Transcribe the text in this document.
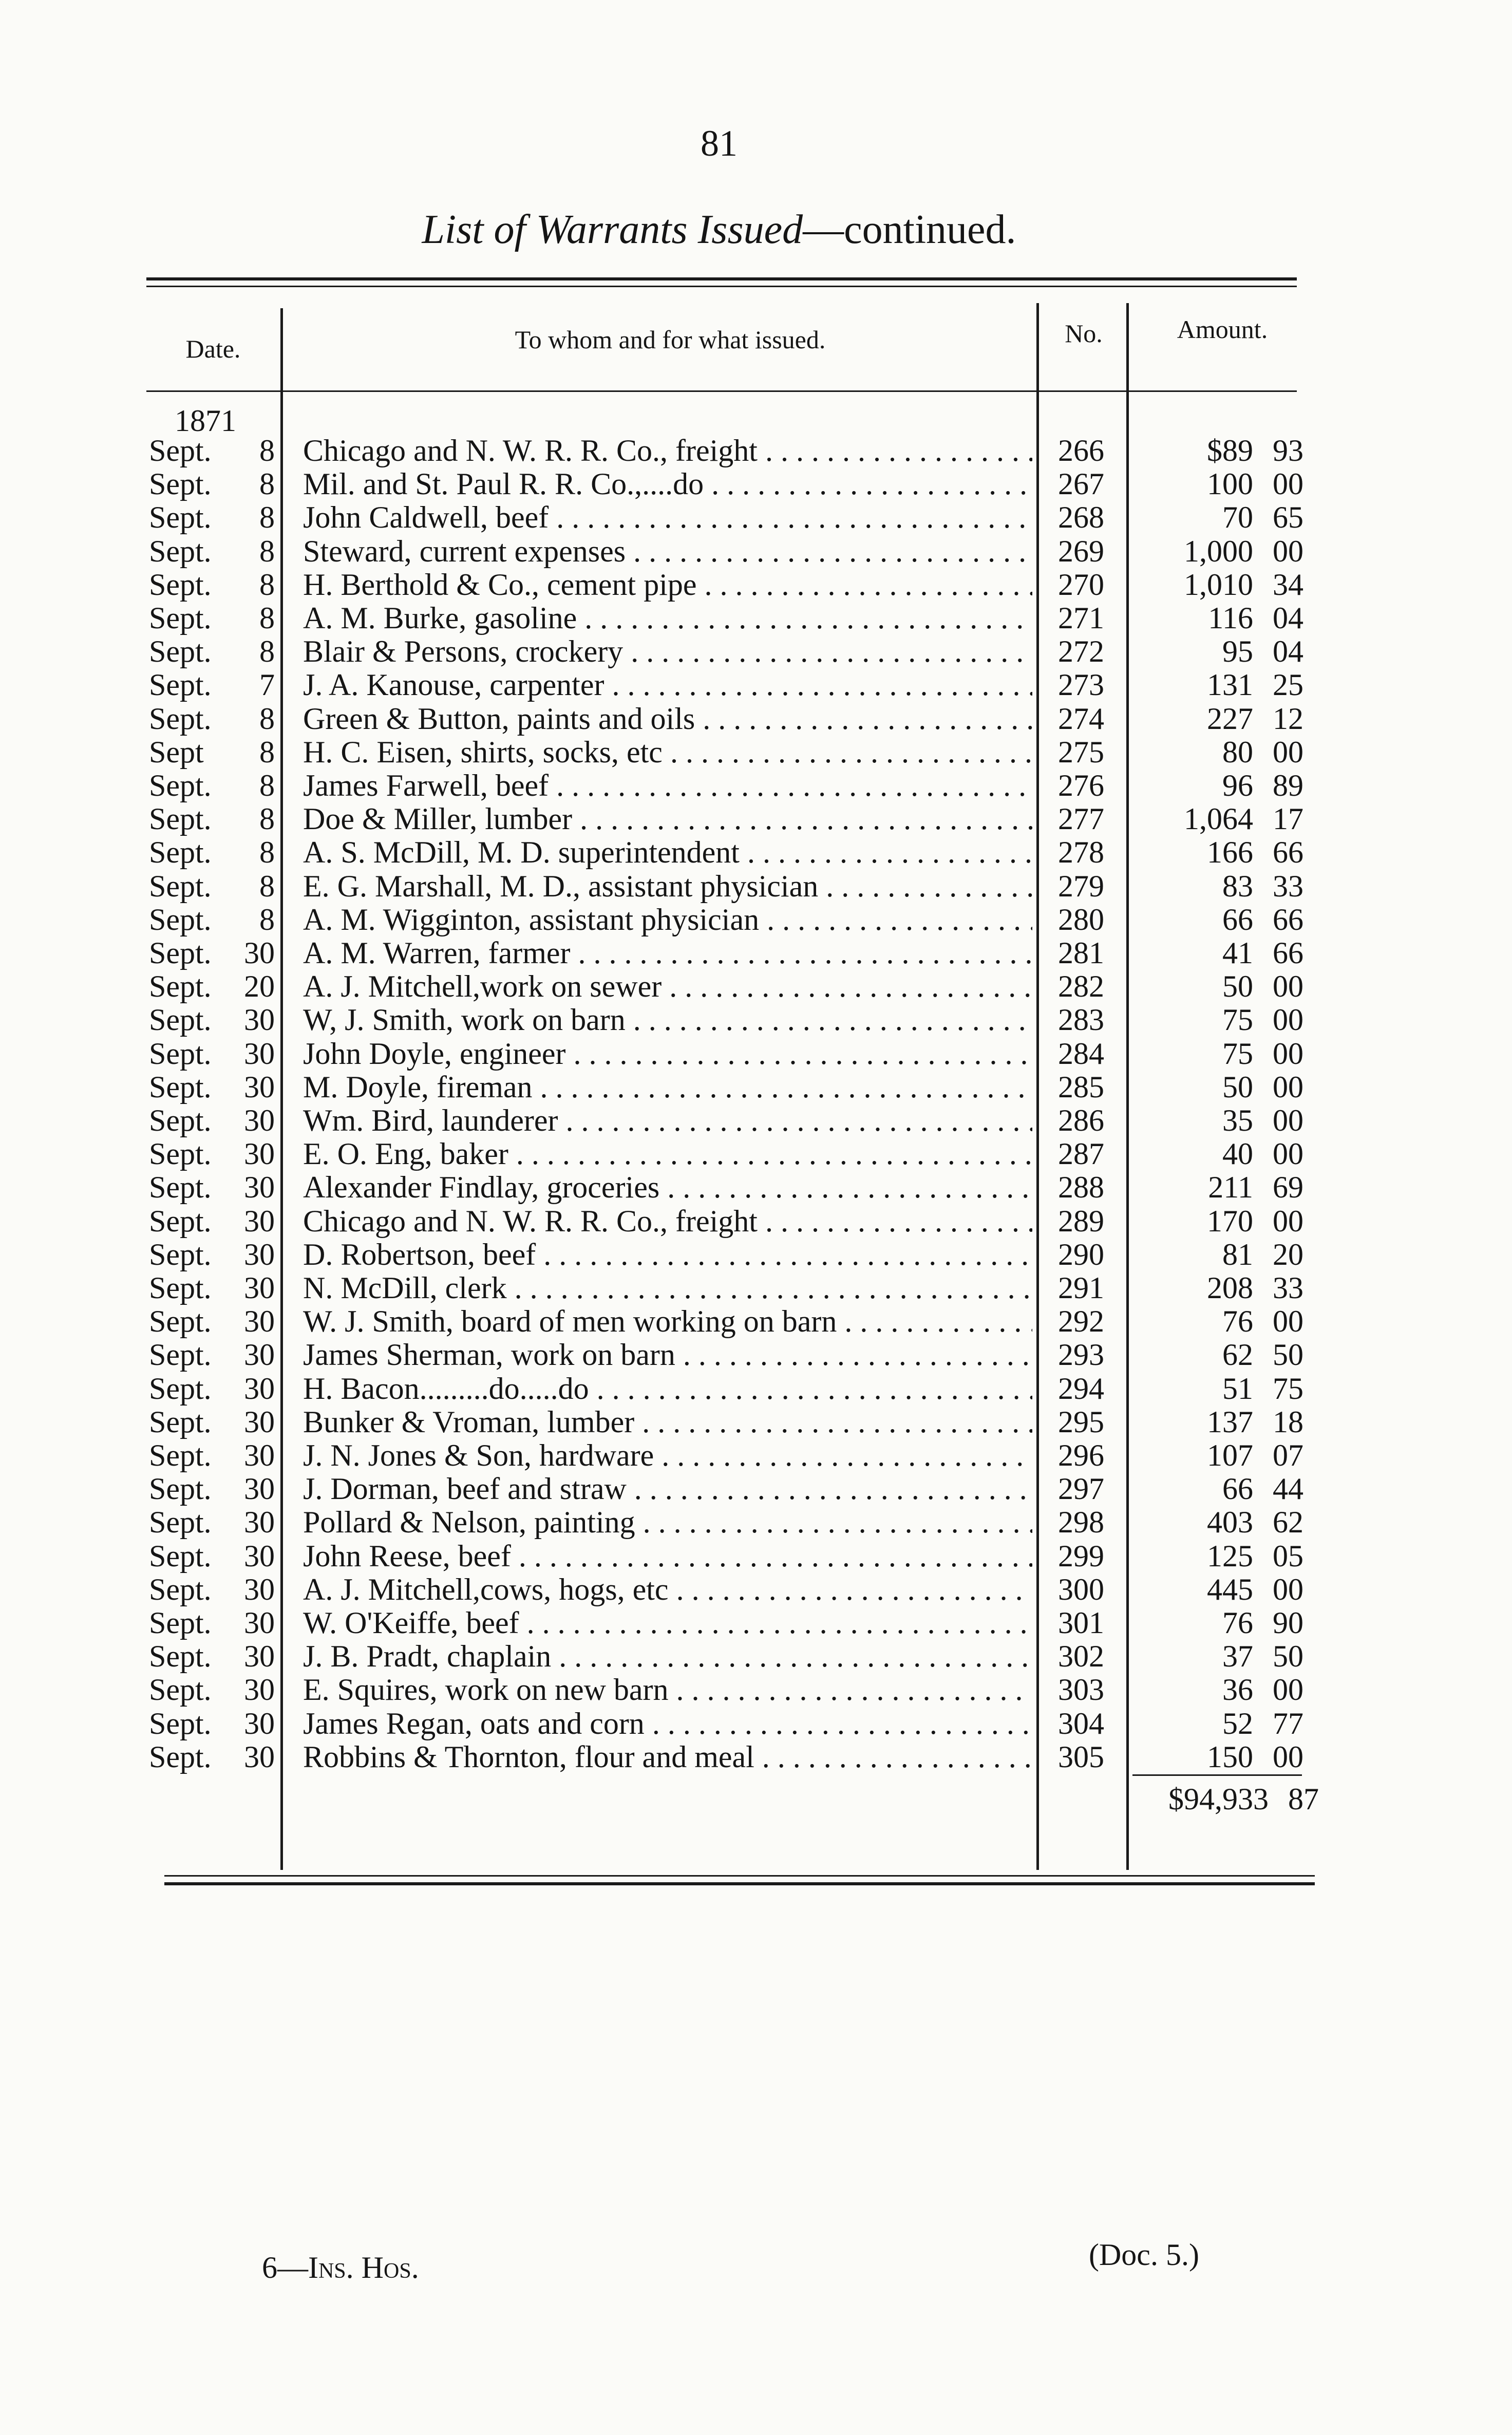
81
List of Warrants Issued—continued.
Date.	To whom and for what issued.	No.	Amount.
1871
Sept. 8 Chicago and N. W. R. R. Co., freight . . .	266	$89 93
Sept. 8 Mil. and St. Paul R. R. Co.,....do . . .	267	100 00
Sept. 8 John Caldwell, beef . . .	268	70 65
Sept. 8 Steward, current expenses . . .	269	1,000 00
Sept. 8 H. Berthold & Co., cement pipe . . .	270	1,010 34
Sept. 8 A. M. Burke, gasoline . . .	271	116 04
Sept. 8 Blair & Persons, crockery . . .	272	95 04
Sept. 7 J. A. Kanouse, carpenter . . .	273	131 25
Sept. 8 Green & Button, paints and oils . . .	274	227 12
Sept 8 H. C. Eisen, shirts, socks, etc . . .	275	80 00
Sept. 8 James Farwell, beef . . .	276	96 89
Sept. 8 Doe & Miller, lumber . . .	277	1,064 17
Sept. 8 A. S. McDill, M. D. superintendent . . .	278	166 66
Sept. 8 E. G. Marshall, M. D., assistant physician . . .	279	83 33
Sept. 8 A. M. Wigginton, assistant physician . . .	280	66 66
Sept. 30 A. M. Warren, farmer . . .	281	41 66
Sept. 20 A. J. Mitchell,work on sewer . . .	282	50 00
Sept. 30 W, J. Smith, work on barn . . .	283	75 00
Sept. 30 John Doyle, engineer . . .	284	75 00
Sept. 30 M. Doyle, fireman . . .	285	50 00
Sept. 30 Wm. Bird, launderer . . .	286	35 00
Sept. 30 E. O. Eng, baker . . .	287	40 00
Sept. 30 Alexander Findlay, groceries . . .	288	211 69
Sept. 30 Chicago and N. W. R. R. Co., freight . . .	289	170 00
Sept. 30 D. Robertson, beef . . .	290	81 20
Sept. 30 N. McDill, clerk . . .	291	208 33
Sept. 30 W. J. Smith, board of men working on barn . . .	292	76 00
Sept. 30 James Sherman, work on barn . . .	293	62 50
Sept. 30 H. Bacon.........do.....do . . .	294	51 75
Sept. 30 Bunker & Vroman, lumber . . .	295	137 18
Sept. 30 J. N. Jones & Son, hardware . . .	296	107 07
Sept. 30 J. Dorman, beef and straw . . .	297	66 44
Sept. 30 Pollard & Nelson, painting . . .	298	403 62
Sept. 30 John Reese, beef . . .	299	125 05
Sept. 30 A. J. Mitchell,cows, hogs, etc . . .	300	445 00
Sept. 30 W. O'Keiffe, beef . . .	301	76 90
Sept. 30 J. B. Pradt, chaplain . . .	302	37 50
Sept. 30 E. Squires, work on new barn . . .	303	36 00
Sept. 30 James Regan, oats and corn . . .	304	52 77
Sept. 30 Robbins & Thornton, flour and meal . . .	305	150 00
$94,933 87
6—Ins. Hos.	(Doc. 5.)
